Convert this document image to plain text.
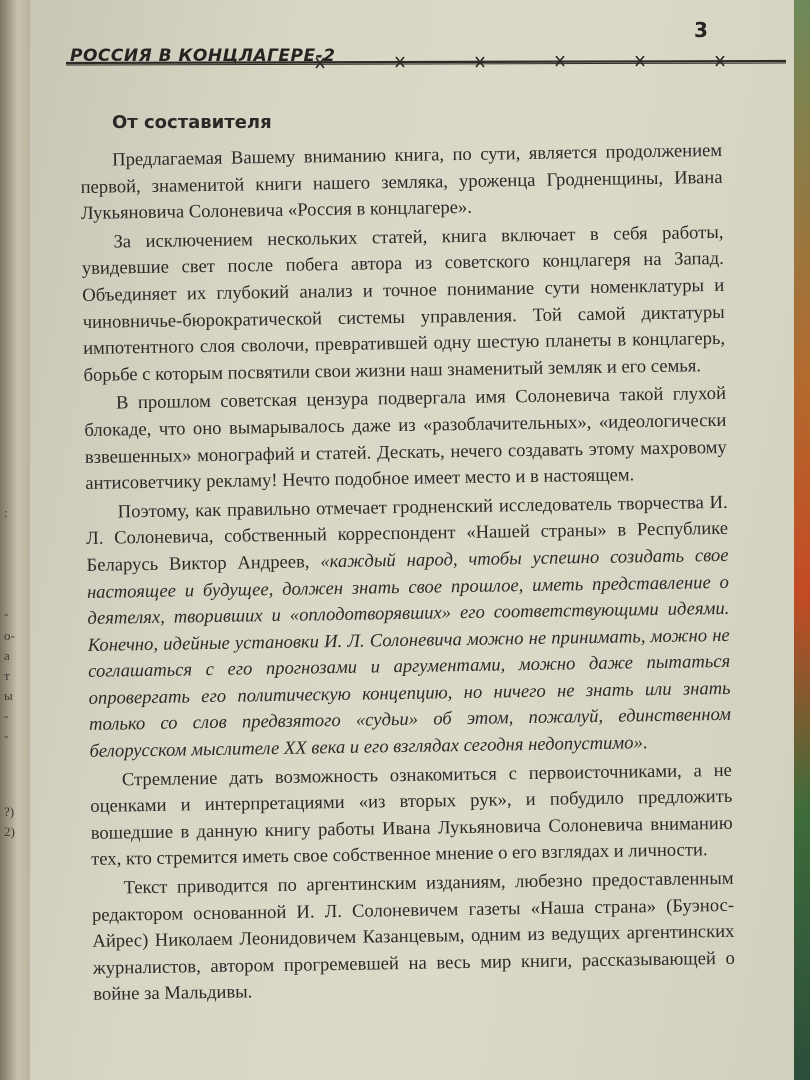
:
-
о-
а
т
ы
-
-
?)
2)
РОССИЯ В КОНЦЛАГЕРЕ-2
3
От составителя

Предлагаемая Вашему вниманию книга, по сути, является продолжением первой, знаменитой книги нашего земляка, уроженца Гродненщины, Ивана Лукьяновича Солоневича «Россия в концлагере».

За исключением нескольких статей, книга включает в себя работы, увидевшие свет после побега автора из советского концлагеря на Запад. Объединяет их глубокий анализ и точное понимание сути номенклатуры и чиновничье-бюрократической системы управления. Той самой диктатуры импотентного слоя сволочи, превратившей одну шестую планеты в концлагерь, борьбе с которым посвятили свои жизни наш знаменитый земляк и его семья.

В прошлом советская цензура подвергала имя Солоневича такой глухой блокаде, что оно вымарывалось даже из «разоблачительных», «идеологически взвешенных» монографий и статей. Дескать, нечего создавать этому махровому антисоветчику рекламу! Нечто подобное имеет место и в настоящем.

Поэтому, как правильно отмечает гродненский исследователь творчества И. Л. Солоневича, собственный корреспондент «Нашей страны» в Республике Беларусь Виктор Андреев, «каждый народ, чтобы успешно созидать свое настоящее и будущее, должен знать свое прошлое, иметь представление о деятелях, творивших и «оплодотворявших» его соответствующими идеями. Конечно, идейные установки И. Л. Солоневича можно не принимать, можно не соглашаться с его прогнозами и аргументами, можно даже пытаться опровергать его политическую концепцию, но ничего не знать или знать только со слов предвзятого «судьи» об этом, пожалуй, единственном белорусском мыслителе XX века и его взглядах сегодня недопустимо».

Стремление дать возможность ознакомиться с первоисточниками, а не оценками и интерпретациями «из вторых рук», и побудило предложить вошедшие в данную книгу работы Ивана Лукьяновича Солоневича вниманию тех, кто стремится иметь свое собственное мнение о его взглядах и личности.

Текст приводится по аргентинским изданиям, любезно предоставленным редактором основанной И. Л. Солоневичем газеты «Наша страна» (Буэнос-Айрес) Николаем Леонидовичем Казанцевым, одним из ведущих аргентинских журналистов, автором прогремевшей на весь мир книги, рассказывающей о войне за Мальдивы.
